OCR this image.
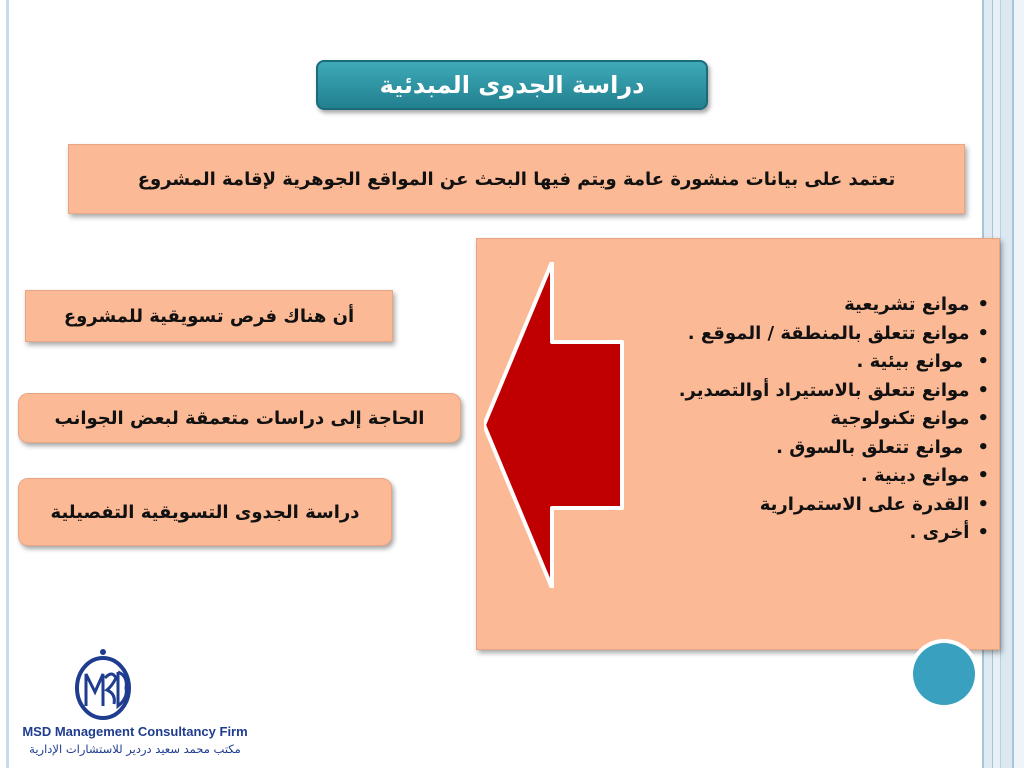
دراسة الجدوى المبدئية
تعتمد على بيانات منشورة عامة ويتم فيها البحث عن المواقع الجوهرية لإقامة المشروع
• موانع تشريعية
• موانع تتعلق بالمنطقة / الموقع .
• موانع بيئية .
• موانع تتعلق بالاستيراد أوالتصدير.
• موانع تكنولوجية
• موانع تتعلق بالسوق .
• موانع دينية .
• القدرة على الاستمرارية
• أخرى .
أن هناك فرص تسويقية للمشروع
الحاجة إلى دراسات متعمقة لبعض الجوانب
دراسة الجدوى التسويقية التفصيلية
MSD Management Consultancy Firm
مكتب محمد سعيد دردير للاستشارات الإدارية
